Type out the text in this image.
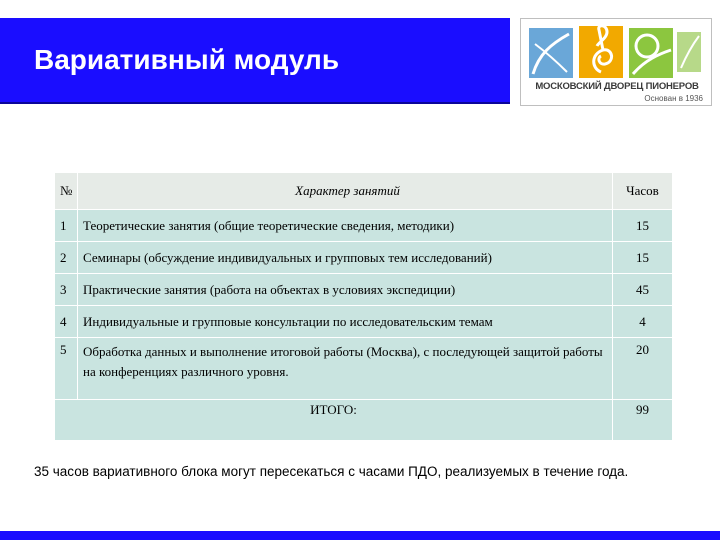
Вариативный модуль
МОСКОВСКИЙ ДВОРЕЦ ПИОНЕРОВ
Основан в 1936
№	Характер занятий	Часов
1	Теоретические занятия (общие теоретические сведения, методики)	15
2	Семинары (обсуждение индивидуальных и групповых тем исследований)	15
3	Практические занятия (работа на объектах в условиях экспедиции)	45
4	Индивидуальные и групповые консультации по исследовательским темам	4
5	Обработка данных и выполнение итоговой работы (Москва), с последующей защитой работы на конференциях различного уровня.	20
ИТОГО:		99
35 часов вариативного блока могут пересекаться с часами ПДО, реализуемых в течение года.
